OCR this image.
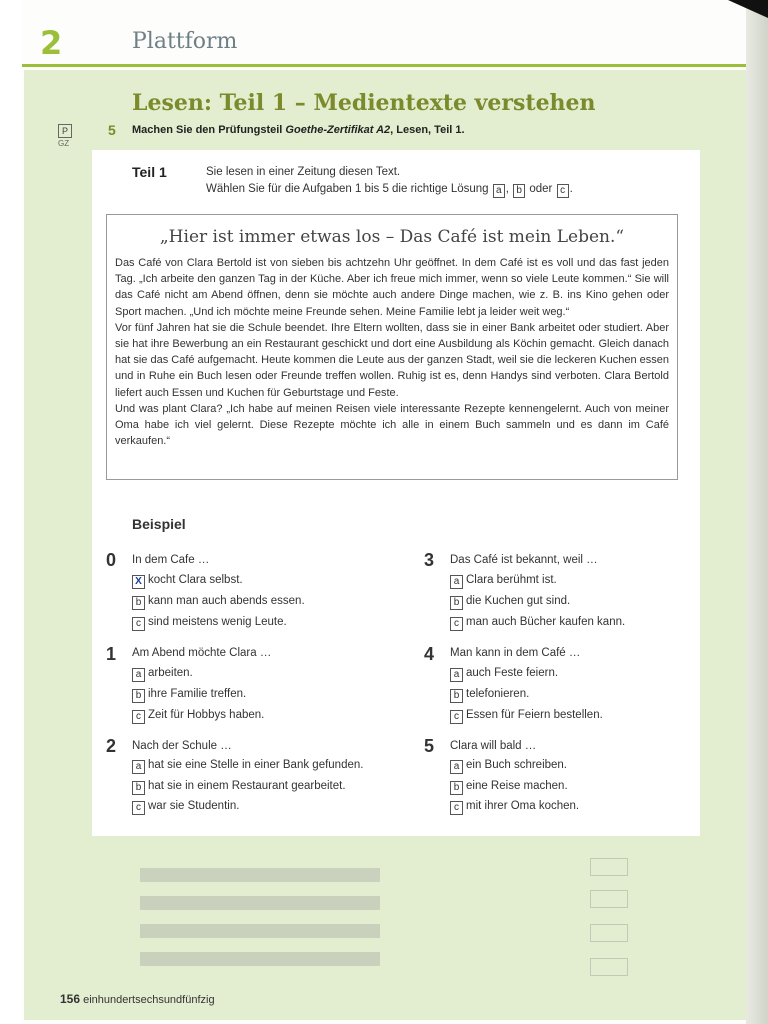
2	Plattform
Lesen: Teil 1 – Medientexte verstehen
P
GZ
5 Machen Sie den Prüfungsteil Goethe-Zertifikat A2, Lesen, Teil 1.
Teil 1	Sie lesen in einer Zeitung diesen Text.
Wählen Sie für die Aufgaben 1 bis 5 die richtige Lösung a , b oder c .
„Hier ist immer etwas los – Das Café ist mein Leben.“

Das Café von Clara Bertold ist von sieben bis achtzehn Uhr geöffnet. In dem Café ist es voll und das fast jeden Tag. „Ich arbeite den ganzen Tag in der Küche. Aber ich freue mich immer, wenn so viele Leute kommen.“ Sie will das Café nicht am Abend öffnen, denn sie möchte auch andere Dinge machen, wie z. B. ins Kino gehen oder Sport machen. „Und ich möchte meine Freunde sehen. Meine Familie lebt ja leider weit weg.“

Vor fünf Jahren hat sie die Schule beendet. Ihre Eltern wollten, dass sie in einer Bank arbeitet oder studiert. Aber sie hat ihre Bewerbung an ein Restaurant geschickt und dort eine Ausbildung als Köchin gemacht. Gleich danach hat sie das Café aufgemacht. Heute kommen die Leute aus der ganzen Stadt, weil sie die leckeren Kuchen essen und in Ruhe ein Buch lesen oder Freunde treffen wollen. Ruhig ist es, denn Handys sind verboten. Clara Bertold liefert auch Essen und Kuchen für Geburtstage und Feste.

Und was plant Clara? „Ich habe auf meinen Reisen viele interessante Rezepte kennengelernt. Auch von meiner Oma habe ich viel gelernt. Diese Rezepte möchte ich alle in einem Buch sammeln und es dann im Café verkaufen.“

Beispiel
0 In dem Cafe …
X kocht Clara selbst.
b kann man auch abends essen.
c sind meistens wenig Leute.
1 Am Abend möchte Clara …
a arbeiten.
b ihre Familie treffen.
c Zeit für Hobbys haben.
2 Nach der Schule …
a hat sie eine Stelle in einer Bank gefunden.
b hat sie in einem Restaurant gearbeitet.
c war sie Studentin.
3 Das Café ist bekannt, weil …
a Clara berühmt ist.
b die Kuchen gut sind.
c man auch Bücher kaufen kann.
4 Man kann in dem Café …
a auch Feste feiern.
b telefonieren.
c Essen für Feiern bestellen.
5 Clara will bald …
a ein Buch schreiben.
b eine Reise machen.
c mit ihrer Oma kochen.
156 einhundertsechsundfünfzig
